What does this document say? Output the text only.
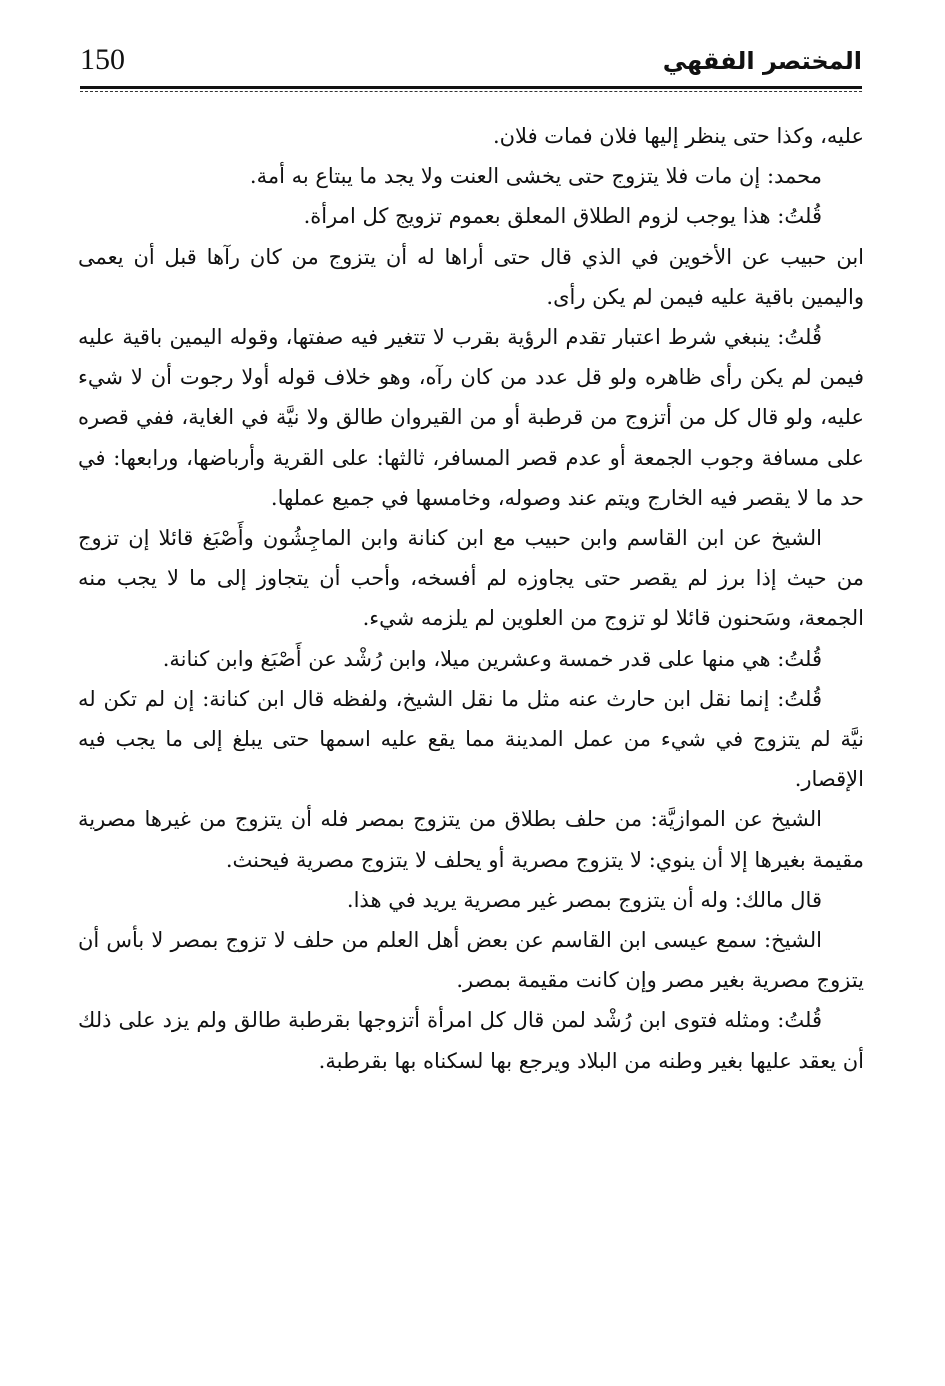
150	المختصر الفقهي

عليه، وكذا حتى ينظر إليها فلان فمات فلان.

محمد: إن مات فلا يتزوج حتى يخشى العنت ولا يجد ما يبتاع به أمة.

قُلتُ: هذا يوجب لزوم الطلاق المعلق بعموم تزويج كل امرأة.

ابن حبيب عن الأخوين في الذي قال حتى أراها له أن يتزوج من كان رآها قبل أن يعمى واليمين باقية عليه فيمن لم يكن رأى.

قُلتُ: ينبغي شرط اعتبار تقدم الرؤية بقرب لا تتغير فيه صفتها، وقوله اليمين باقية عليه فيمن لم يكن رأى ظاهره ولو قل عدد من كان رآه، وهو خلاف قوله أولا رجوت أن لا شيء عليه، ولو قال كل من أتزوج من قرطبة أو من القيروان طالق ولا نيَّة في الغاية، ففي قصره على مسافة وجوب الجمعة أو عدم قصر المسافر، ثالثها: على القرية وأرباضها، ورابعها: في حد ما لا يقصر فيه الخارج ويتم عند وصوله، وخامسها في جميع عملها.

الشيخ عن ابن القاسم وابن حبيب مع ابن كنانة وابن الماجِشُون وأَصْبَغ قائلا إن تزوج من حيث إذا برز لم يقصر حتى يجاوزه لم أفسخه، وأحب أن يتجاوز إلى ما لا يجب منه الجمعة، وسَحنون قائلا لو تزوج من العلوين لم يلزمه شيء.

قُلتُ: هي منها على قدر خمسة وعشرين ميلا، وابن رُشْد عن أَصْبَغ وابن كنانة.

قُلتُ: إنما نقل ابن حارث عنه مثل ما نقل الشيخ، ولفظه قال ابن كنانة: إن لم تكن له نيَّة لم يتزوج في شيء من عمل المدينة مما يقع عليه اسمها حتى يبلغ إلى ما يجب فيه الإقصار.

الشيخ عن الموازيَّة: من حلف بطلاق من يتزوج بمصر فله أن يتزوج من غيرها مصرية مقيمة بغيرها إلا أن ينوي: لا يتزوج مصرية أو يحلف لا يتزوج مصرية فيحنث.

قال مالك: وله أن يتزوج بمصر غير مصرية يريد في هذا.

الشيخ: سمع عيسى ابن القاسم عن بعض أهل العلم من حلف لا تزوج بمصر لا بأس أن يتزوج مصرية بغير مصر وإن كانت مقيمة بمصر.

قُلتُ: ومثله فتوى ابن رُشْد لمن قال كل امرأة أتزوجها بقرطبة طالق ولم يزد على ذلك أن يعقد عليها بغير وطنه من البلاد ويرجع بها لسكناه بها بقرطبة.
